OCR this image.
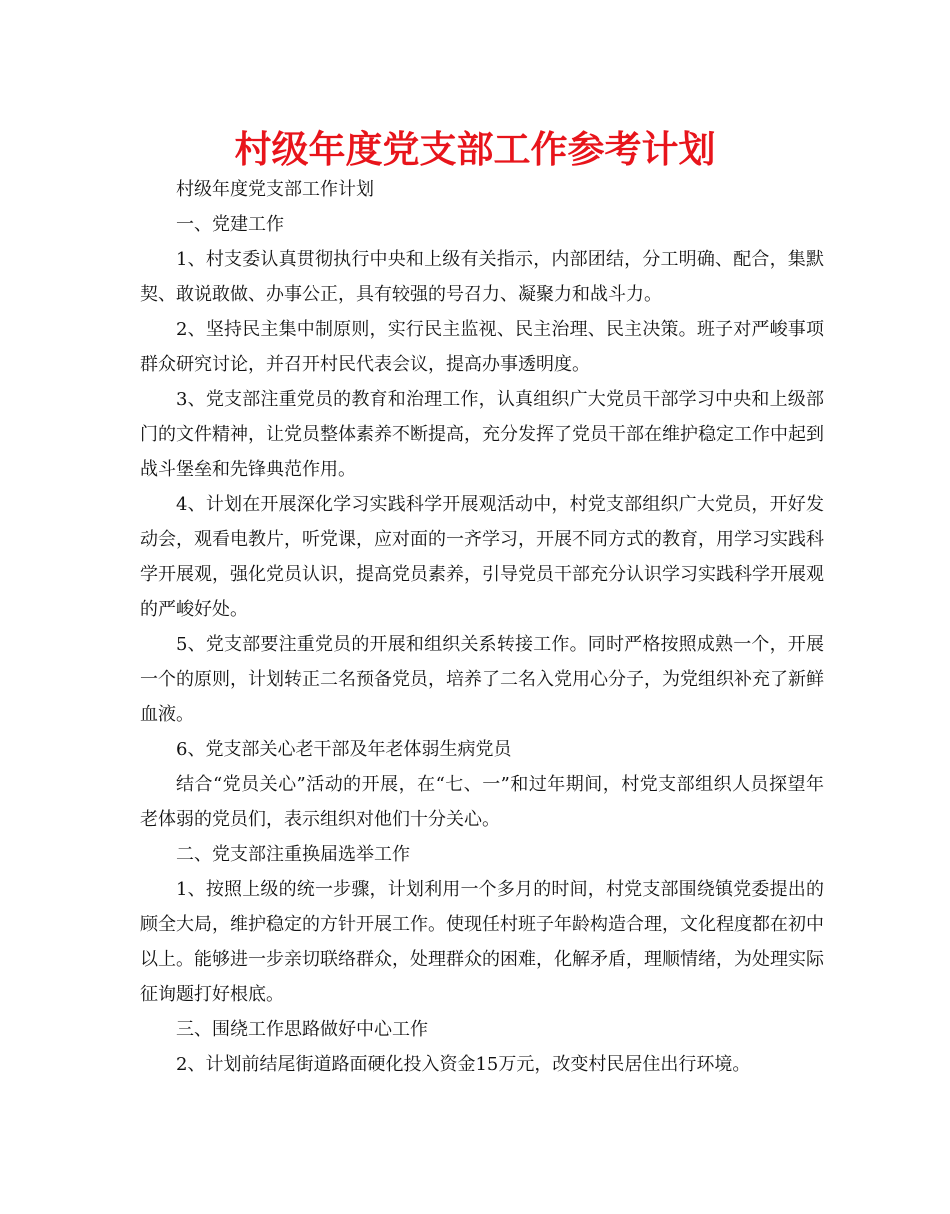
村级年度党支部工作参考计划

村级年度党支部工作计划

一、党建工作

1、村支委认真贯彻执行中央和上级有关指示，内部团结，分工明确、配合，集默契、敢说敢做、办事公正，具有较强的号召力、凝聚力和战斗力。

2、坚持民主集中制原则，实行民主监视、民主治理、民主决策。班子对严峻事项群众研究讨论，并召开村民代表会议，提高办事透明度。

3、党支部注重党员的教育和治理工作，认真组织广大党员干部学习中央和上级部门的文件精神，让党员整体素养不断提高，充分发挥了党员干部在维护稳定工作中起到战斗堡垒和先锋典范作用。

4、计划在开展深化学习实践科学开展观活动中，村党支部组织广大党员，开好发动会，观看电教片，听党课，应对面的一齐学习，开展不同方式的教育，用学习实践科学开展观，强化党员认识，提高党员素养，引导党员干部充分认识学习实践科学开展观的严峻好处。

5、党支部要注重党员的开展和组织关系转接工作。同时严格按照成熟一个，开展一个的原则，计划转正二名预备党员，培养了二名入党用心分子，为党组织补充了新鲜血液。

6、党支部关心老干部及年老体弱生病党员

结合“党员关心”活动的开展，在“七、一”和过年期间，村党支部组织人员探望年老体弱的党员们，表示组织对他们十分关心。

二、党支部注重换届选举工作

1、按照上级的统一步骤，计划利用一个多月的时间，村党支部围绕镇党委提出的顾全大局，维护稳定的方针开展工作。使现任村班子年龄构造合理，文化程度都在初中以上。能够进一步亲切联络群众，处理群众的困难，化解矛盾，理顺情绪，为处理实际征询题打好根底。

三、围绕工作思路做好中心工作

2、计划前结尾街道路面硬化投入资金15万元，改变村民居住出行环境。
